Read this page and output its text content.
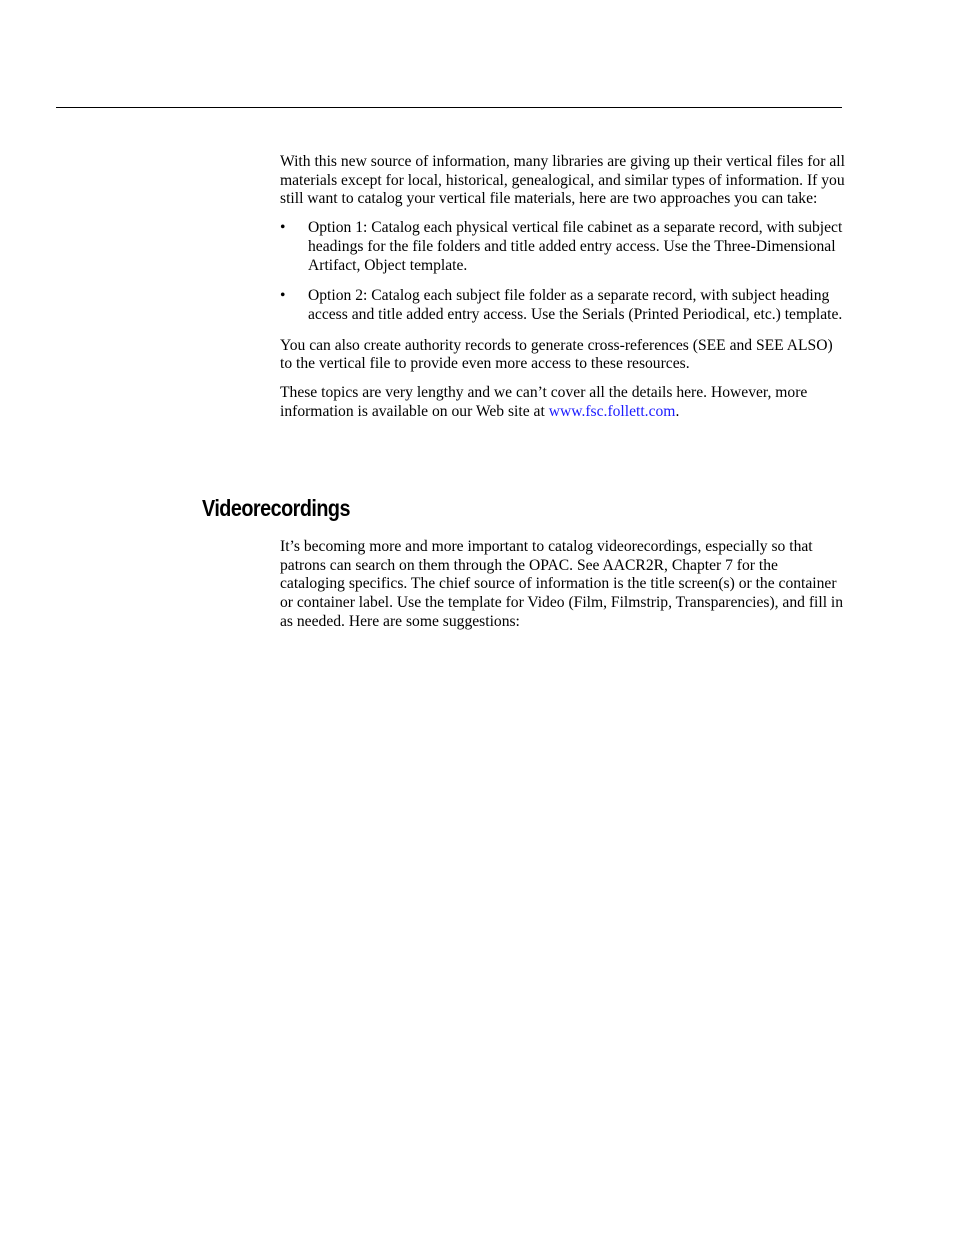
With this new source of information, many libraries are giving up their vertical files for all materials except for local, historical, genealogical, and similar types of information. If you still want to catalog your vertical file materials, here are two approaches you can take:

• Option 1: Catalog each physical vertical file cabinet as a separate record, with subject headings for the file folders and title added entry access. Use the Three-Dimensional Artifact, Object template.
• Option 2: Catalog each subject file folder as a separate record, with subject heading access and title added entry access. Use the Serials (Printed Periodical, etc.) template.

You can also create authority records to generate cross-references (SEE and SEE ALSO) to the vertical file to provide even more access to these resources.

These topics are very lengthy and we can’t cover all the details here. However, more information is available on our Web site at www.fsc.follett.com.

Videorecordings

It’s becoming more and more important to catalog videorecordings, especially so that patrons can search on them through the OPAC. See AACR2R, Chapter 7 for the cataloging specifics. The chief source of information is the title screen(s) or the container or container label. Use the template for Video (Film, Filmstrip, Transparencies), and fill in as needed. Here are some suggestions:
